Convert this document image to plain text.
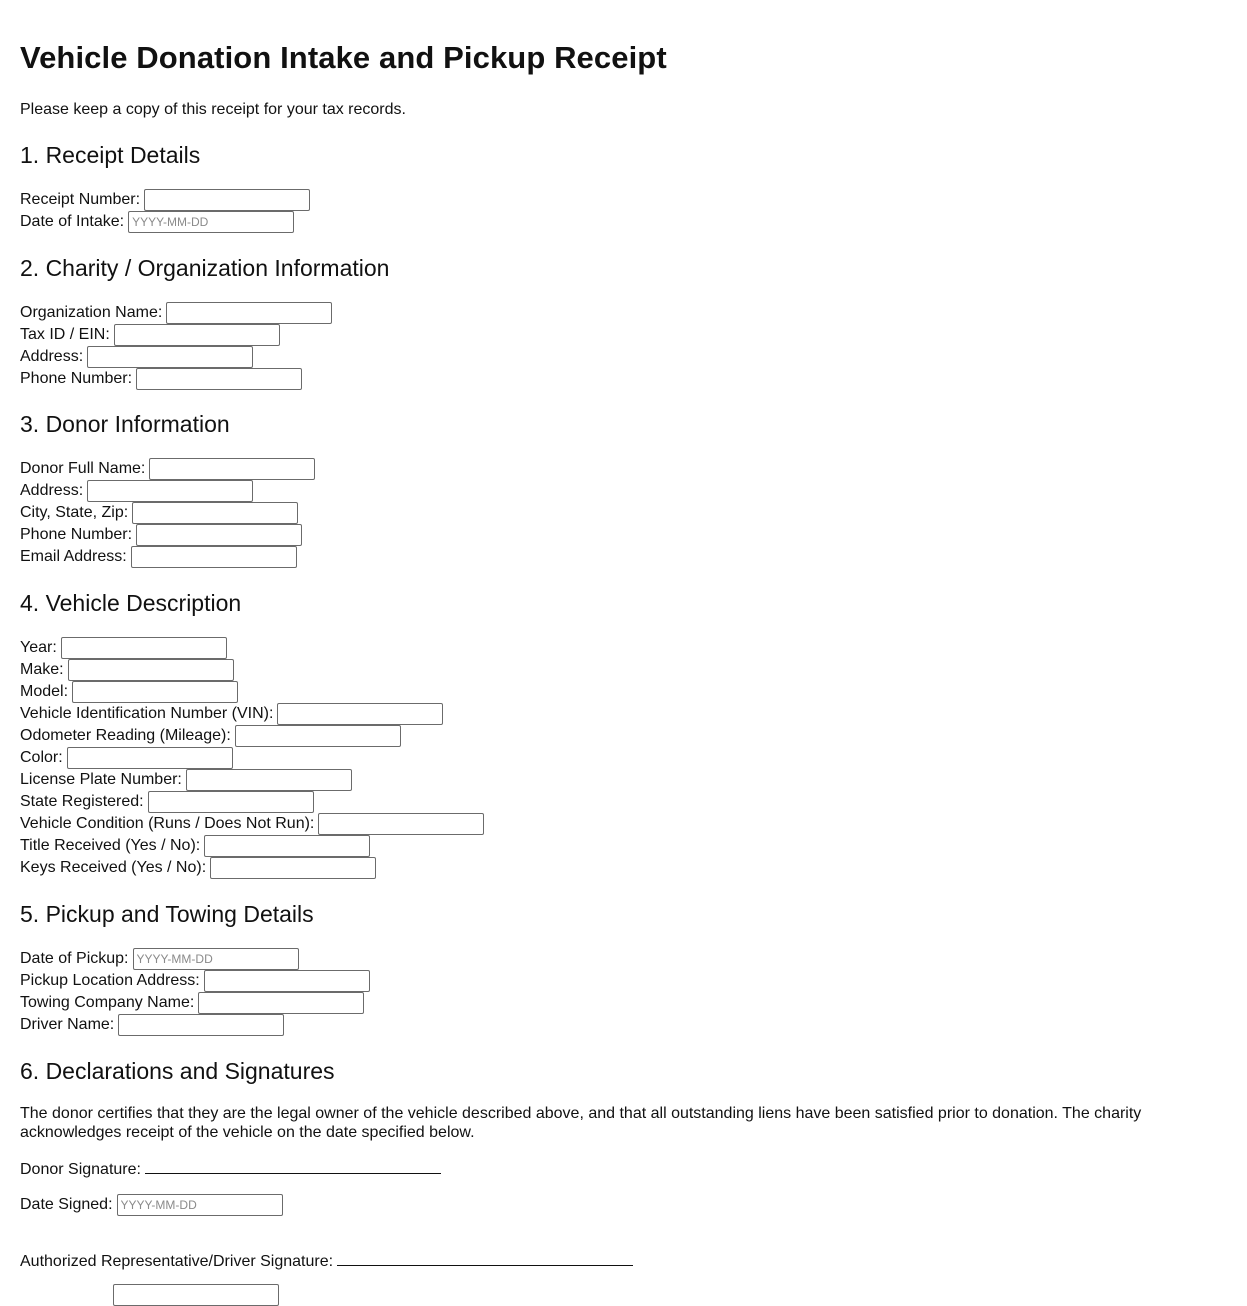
Vehicle Donation Intake and Pickup Receipt

Please keep a copy of this receipt for your tax records.

1. Receipt Details
Receipt Number:
Date of Intake:
YYYY-MM-DD
2. Charity / Organization Information
Organization Name:
Tax ID / EIN:
Address:
Phone Number:
3. Donor Information
Donor Full Name:
Address:
City, State, Zip:
Phone Number:
Email Address:
4. Vehicle Description
Year:
Make:
Model:
Vehicle Identification Number (VIN):
Odometer Reading (Mileage):
Color:
License Plate Number:
State Registered:
Vehicle Condition (Runs / Does Not Run):
Title Received (Yes / No):
Keys Received (Yes / No):
5. Pickup and Towing Details
Date of Pickup:
YYYY-MM-DD
Pickup Location Address:
Towing Company Name:
Driver Name:
6. Declarations and Signatures

The donor certifies that they are the legal owner of the vehicle described above, and that all outstanding liens have been satisfied prior to donation. The charity acknowledges receipt of the vehicle on the date specified below.

Donor Signature:
Date Signed:
YYYY-MM-DD
Authorized Representative/Driver Signature:
